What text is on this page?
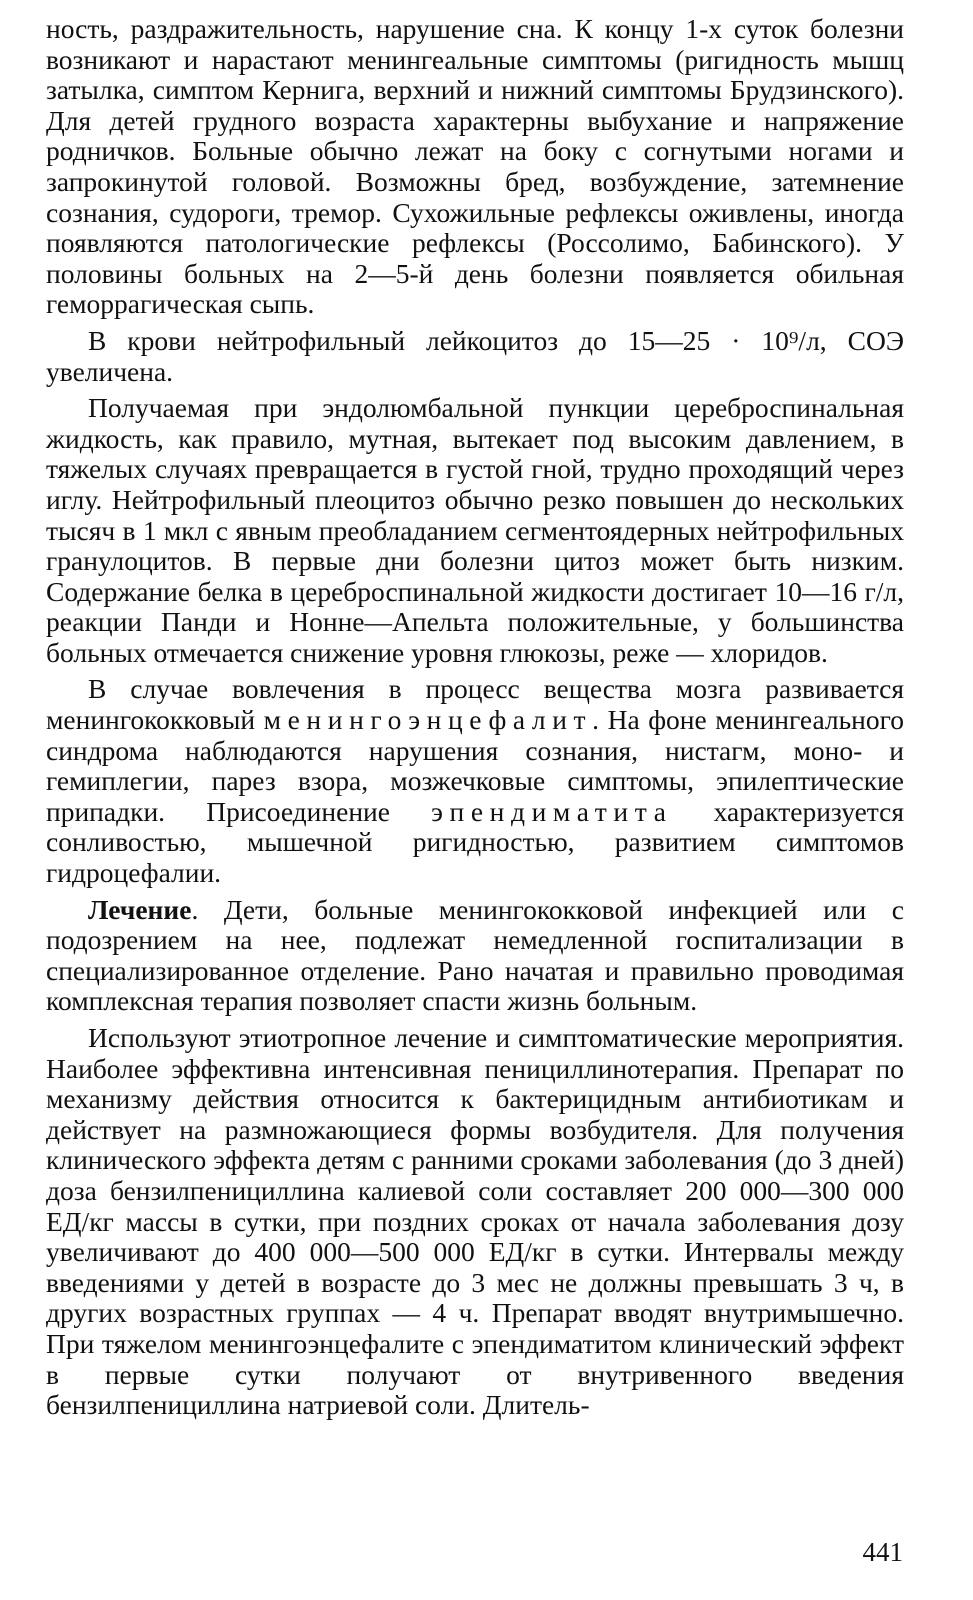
ность, раздражительность, нарушение сна. К концу 1-х суток болезни возникают и нарастают менингеальные симптомы (ригидность мышц затылка, симптом Кернига, верхний и нижний симптомы Брудзинского). Для детей грудного возраста характерны выбухание и напряжение родничков. Больные обычно лежат на боку с согнутыми ногами и запрокинутой головой. Возможны бред, возбуждение, затемнение сознания, судороги, тремор. Сухожильные рефлексы оживлены, иногда появляются патологические рефлексы (Россолимо, Бабинского). У половины больных на 2—5-й день болезни появляется обильная геморрагическая сыпь.

В крови нейтрофильный лейкоцитоз до 15—25 · 10⁹/л, СОЭ увеличена.

Получаемая при эндолюмбальной пункции цереброспинальная жидкость, как правило, мутная, вытекает под высоким давлением, в тяжелых случаях превращается в густой гной, трудно проходящий через иглу. Нейтрофильный плеоцитоз обычно резко повышен до нескольких тысяч в 1 мкл с явным преобладанием сегментоядерных нейтрофильных гранулоцитов. В первые дни болезни цитоз может быть низким. Содержание белка в цереброспинальной жидкости достигает 10—16 г/л, реакции Панди и Нонне—Апельта положительные, у большинства больных отмечается снижение уровня глюкозы, реже — хлоридов.

В случае вовлечения в процесс вещества мозга развивается менингококковый менингоэнцефалит. На фоне менингеального синдрома наблюдаются нарушения сознания, нистагм, моно- и гемиплегии, парез взора, мозжечковые симптомы, эпилептические припадки. Присоединение эпендиматита характеризуется сонливостью, мышечной ригидностью, развитием симптомов гидроцефалии.

Лечение. Дети, больные менингококковой инфекцией или с подозрением на нее, подлежат немедленной госпитализации в специализированное отделение. Рано начатая и правильно проводимая комплексная терапия позволяет спасти жизнь больным.

Используют этиотропное лечение и симптоматические мероприятия. Наиболее эффективна интенсивная пенициллинотерапия. Препарат по механизму действия относится к бактерицидным антибиотикам и действует на размножающиеся формы возбудителя. Для получения клинического эффекта детям с ранними сроками заболевания (до 3 дней) доза бензилпенициллина калиевой соли составляет 200 000—300 000 ЕД/кг массы в сутки, при поздних сроках от начала заболевания дозу увеличивают до 400 000—500 000 ЕД/кг в сутки. Интервалы между введениями у детей в возрасте до 3 мес не должны превышать 3 ч, в других возрастных группах — 4 ч. Препарат вводят внутримышечно. При тяжелом менингоэнцефалите с эпендиматитом клинический эффект в первые сутки получают от внутривенного введения бензилпенициллина натриевой соли. Длитель-

441
